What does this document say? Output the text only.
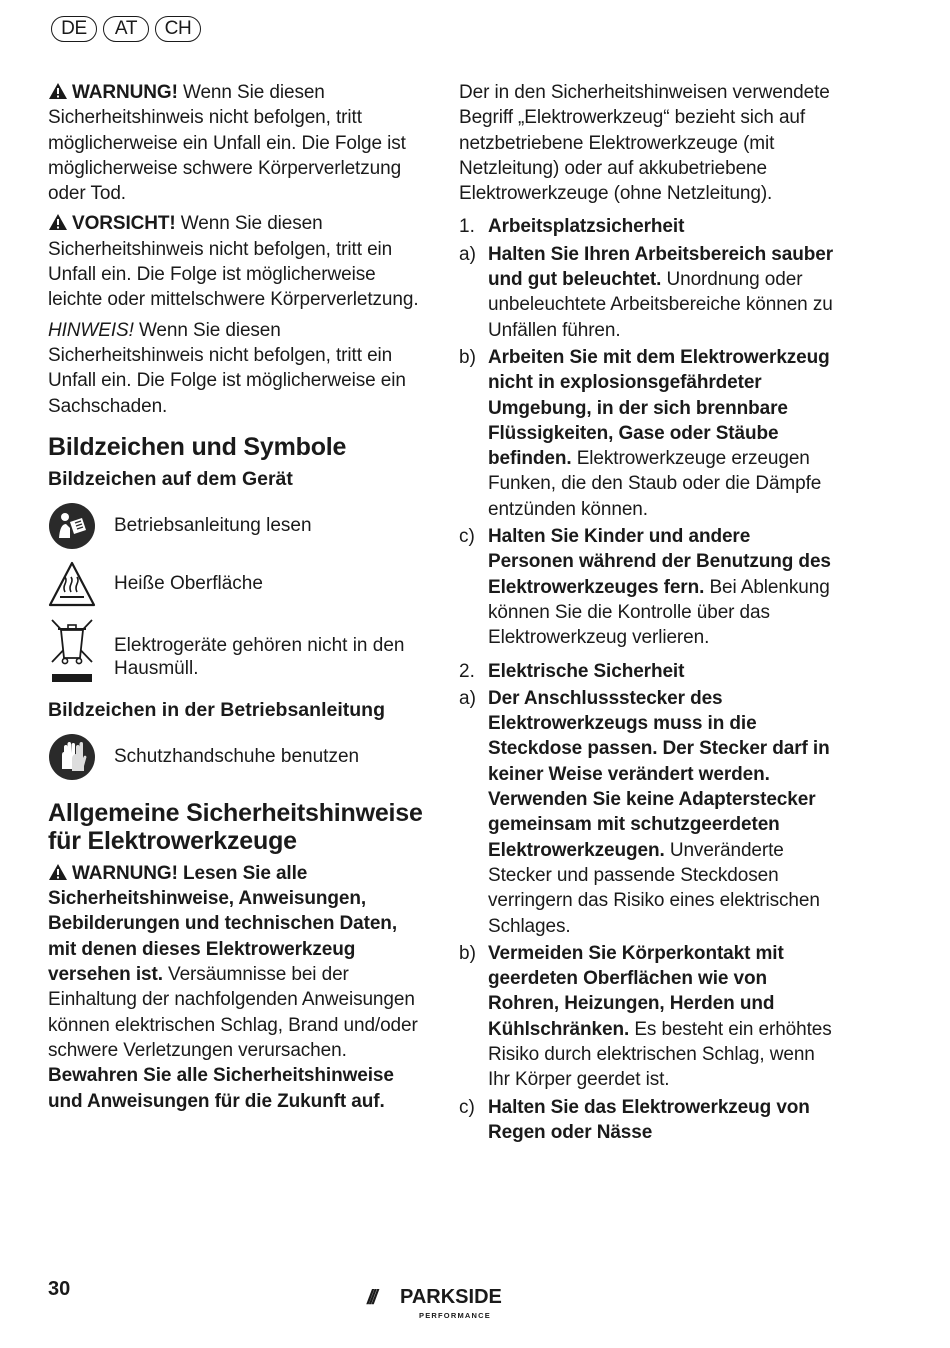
DE	AT	CH

WARNUNG! Wenn Sie diesen Sicherheitshinweis nicht befolgen, tritt möglicherweise ein Unfall ein. Die Folge ist möglicherweise schwere Körperverletzung oder Tod.

VORSICHT! Wenn Sie diesen Sicherheitshinweis nicht befolgen, tritt ein Unfall ein. Die Folge ist möglicherweise leichte oder mittelschwere Körperverletzung.

HINWEIS! Wenn Sie diesen Sicherheitshinweis nicht befolgen, tritt ein Unfall ein. Die Folge ist möglicherweise ein Sachschaden.

Bildzeichen und Symbole
Bildzeichen auf dem Gerät
Betriebsanleitung lesen
Heiße Oberfläche
Elektrogeräte gehören nicht in den Hausmüll.
Bildzeichen in der Betriebsanleitung
Schutzhandschuhe benutzen
Allgemeine Sicherheitshinweise für Elektrowerkzeuge

WARNUNG! Lesen Sie alle Sicherheitshinweise, Anweisungen, Bebilderungen und technischen Daten, mit denen dieses Elektrowerkzeug versehen ist. Versäumnisse bei der Einhaltung der nachfolgenden Anweisungen können elektrischen Schlag, Brand und/oder schwere Verletzungen verursachen. Bewahren Sie alle Sicherheitshinweise und Anweisungen für die Zukunft auf.

Der in den Sicherheitshinweisen verwendete Begriff „Elektrowerkzeug“ bezieht sich auf netzbetriebene Elektrowerkzeuge (mit Netzleitung) oder auf akkubetriebene Elektrowerkzeuge (ohne Netzleitung).

1. Arbeitsplatzsicherheit
a) Halten Sie Ihren Arbeitsbereich sauber und gut beleuchtet. Unordnung oder unbeleuchtete Arbeitsbereiche können zu Unfällen führen.
b) Arbeiten Sie mit dem Elektrowerkzeug nicht in explosionsgefährdeter Umgebung, in der sich brennbare Flüssigkeiten, Gase oder Stäube befinden. Elektrowerkzeuge erzeugen Funken, die den Staub oder die Dämpfe entzünden können.
c) Halten Sie Kinder und andere Personen während der Benutzung des Elektrowerkzeuges fern. Bei Ablenkung können Sie die Kontrolle über das Elektrowerkzeug verlieren.
2. Elektrische Sicherheit
a) Der Anschlussstecker des Elektrowerkzeugs muss in die Steckdose passen. Der Stecker darf in keiner Weise verändert werden. Verwenden Sie keine Adapterstecker gemeinsam mit schutzgeerdeten Elektrowerkzeugen. Unveränderte Stecker und passende Steckdosen verringern das Risiko eines elektrischen Schlages.
b) Vermeiden Sie Körperkontakt mit geerdeten Oberflächen wie von Rohren, Heizungen, Herden und Kühlschränken. Es besteht ein erhöhtes Risiko durch elektrischen Schlag, wenn Ihr Körper geerdet ist.
c) Halten Sie das Elektrowerkzeug von Regen oder Nässe
30	/// PARKSIDE
PERFORMANCE
